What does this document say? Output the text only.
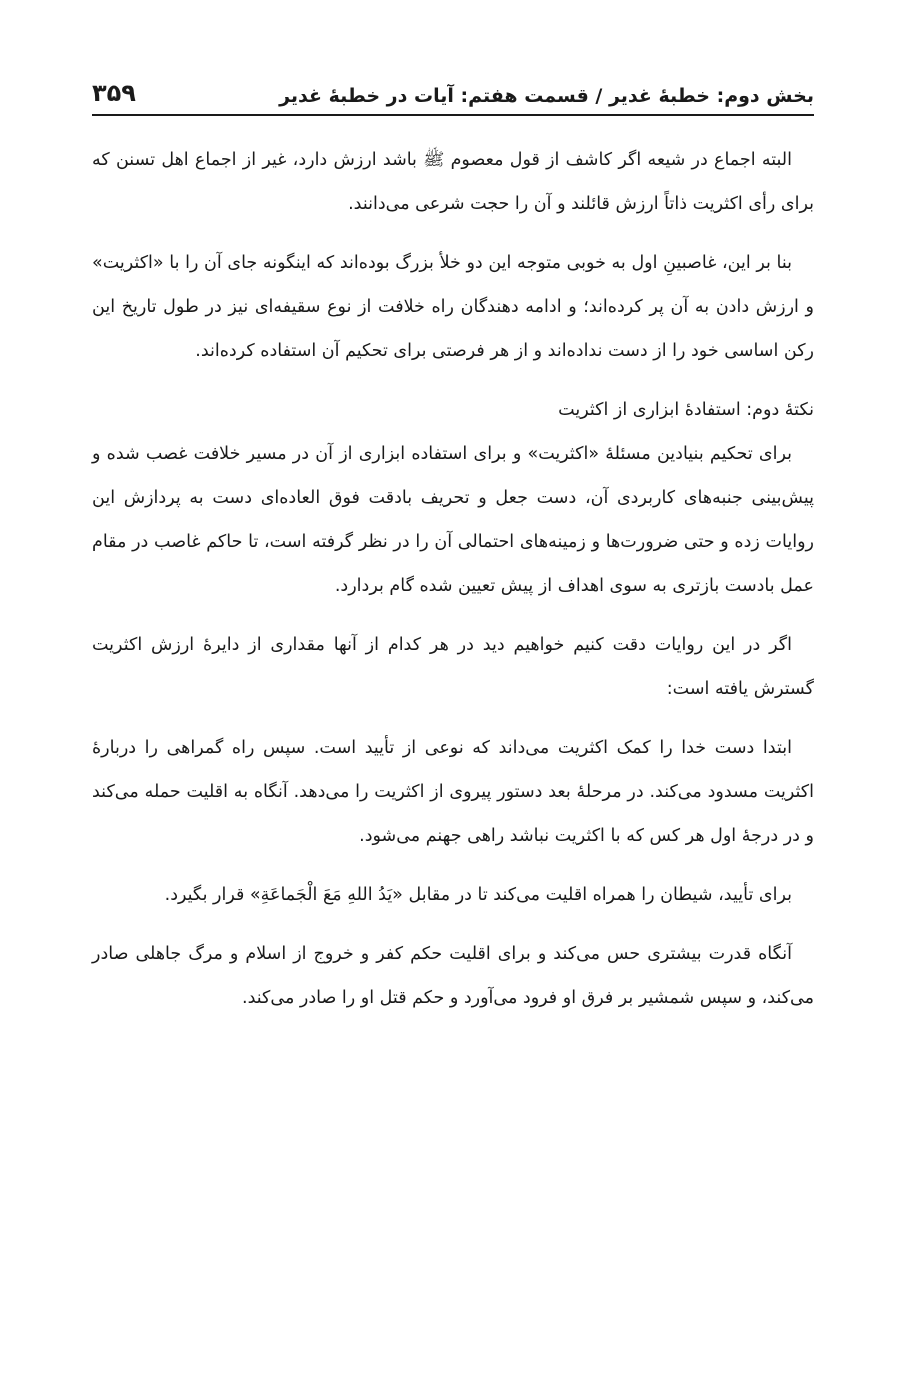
بخش دوم: خطبهٔ غدیر / قسمت هفتم: آیات در خطبهٔ غدیر
۳۵۹

البته اجماع در شیعه اگر کاشف از قول معصوم ﷺ باشد ارزش دارد، غیر از اجماع اهل تسنن که برای رأی اکثریت ذاتاً ارزش قائلند و آن را حجت شرعی می‌دانند.

بنا بر این، غاصبینِ اول به خوبی متوجه این دو خلأ بزرگ بوده‌اند که اینگونه جای آن را با «اکثریت» و ارزش دادن به آن پر کرده‌اند؛ و ادامه دهندگان راه خلافت از نوع سقیفه‌ای نیز در طول تاریخ این رکن اساسی خود را از دست نداده‌اند و از هر فرصتی برای تحکیم آن استفاده کرده‌اند.

نکتهٔ دوم: استفادهٔ ابزاری از اکثریت

برای تحکیم بنیادین مسئلهٔ «اکثریت» و برای استفاده ابزاری از آن در مسیر خلافت غصب شده و پیش‌بینی جنبه‌های کاربردی آن، دست جعل و تحریف بادقت فوق العاده‌ای دست به پردازش این روایات زده و حتی ضرورت‌ها و زمینه‌های احتمالی آن را در نظر گرفته است، تا حاکم غاصب در مقام عمل بادست بازتری به سوی اهداف از پیش تعیین شده گام بردارد.

اگر در این روایات دقت کنیم خواهیم دید در هر کدام از آنها مقداری از دایرهٔ ارزش اکثریت گسترش یافته است:

ابتدا دست خدا را کمک اکثریت می‌داند که نوعی از تأیید است. سپس راه گمراهی را دربارهٔ اکثریت مسدود می‌کند. در مرحلهٔ بعد دستور پیروی از اکثریت را می‌دهد. آنگاه به اقلیت حمله می‌کند و در درجهٔ اول هر کس که با اکثریت نباشد راهی جهنم می‌شود.

برای تأیید، شیطان را همراه اقلیت می‌کند تا در مقابل «یَدُ اللهِ مَعَ الْجَماعَةِ» قرار بگیرد.

آنگاه قدرت بیشتری حس می‌کند و برای اقلیت حکم کفر و خروج از اسلام و مرگ جاهلی صادر می‌کند، و سپس شمشیر بر فرق او فرود می‌آورد و حکم قتل او را صادر می‌کند.
